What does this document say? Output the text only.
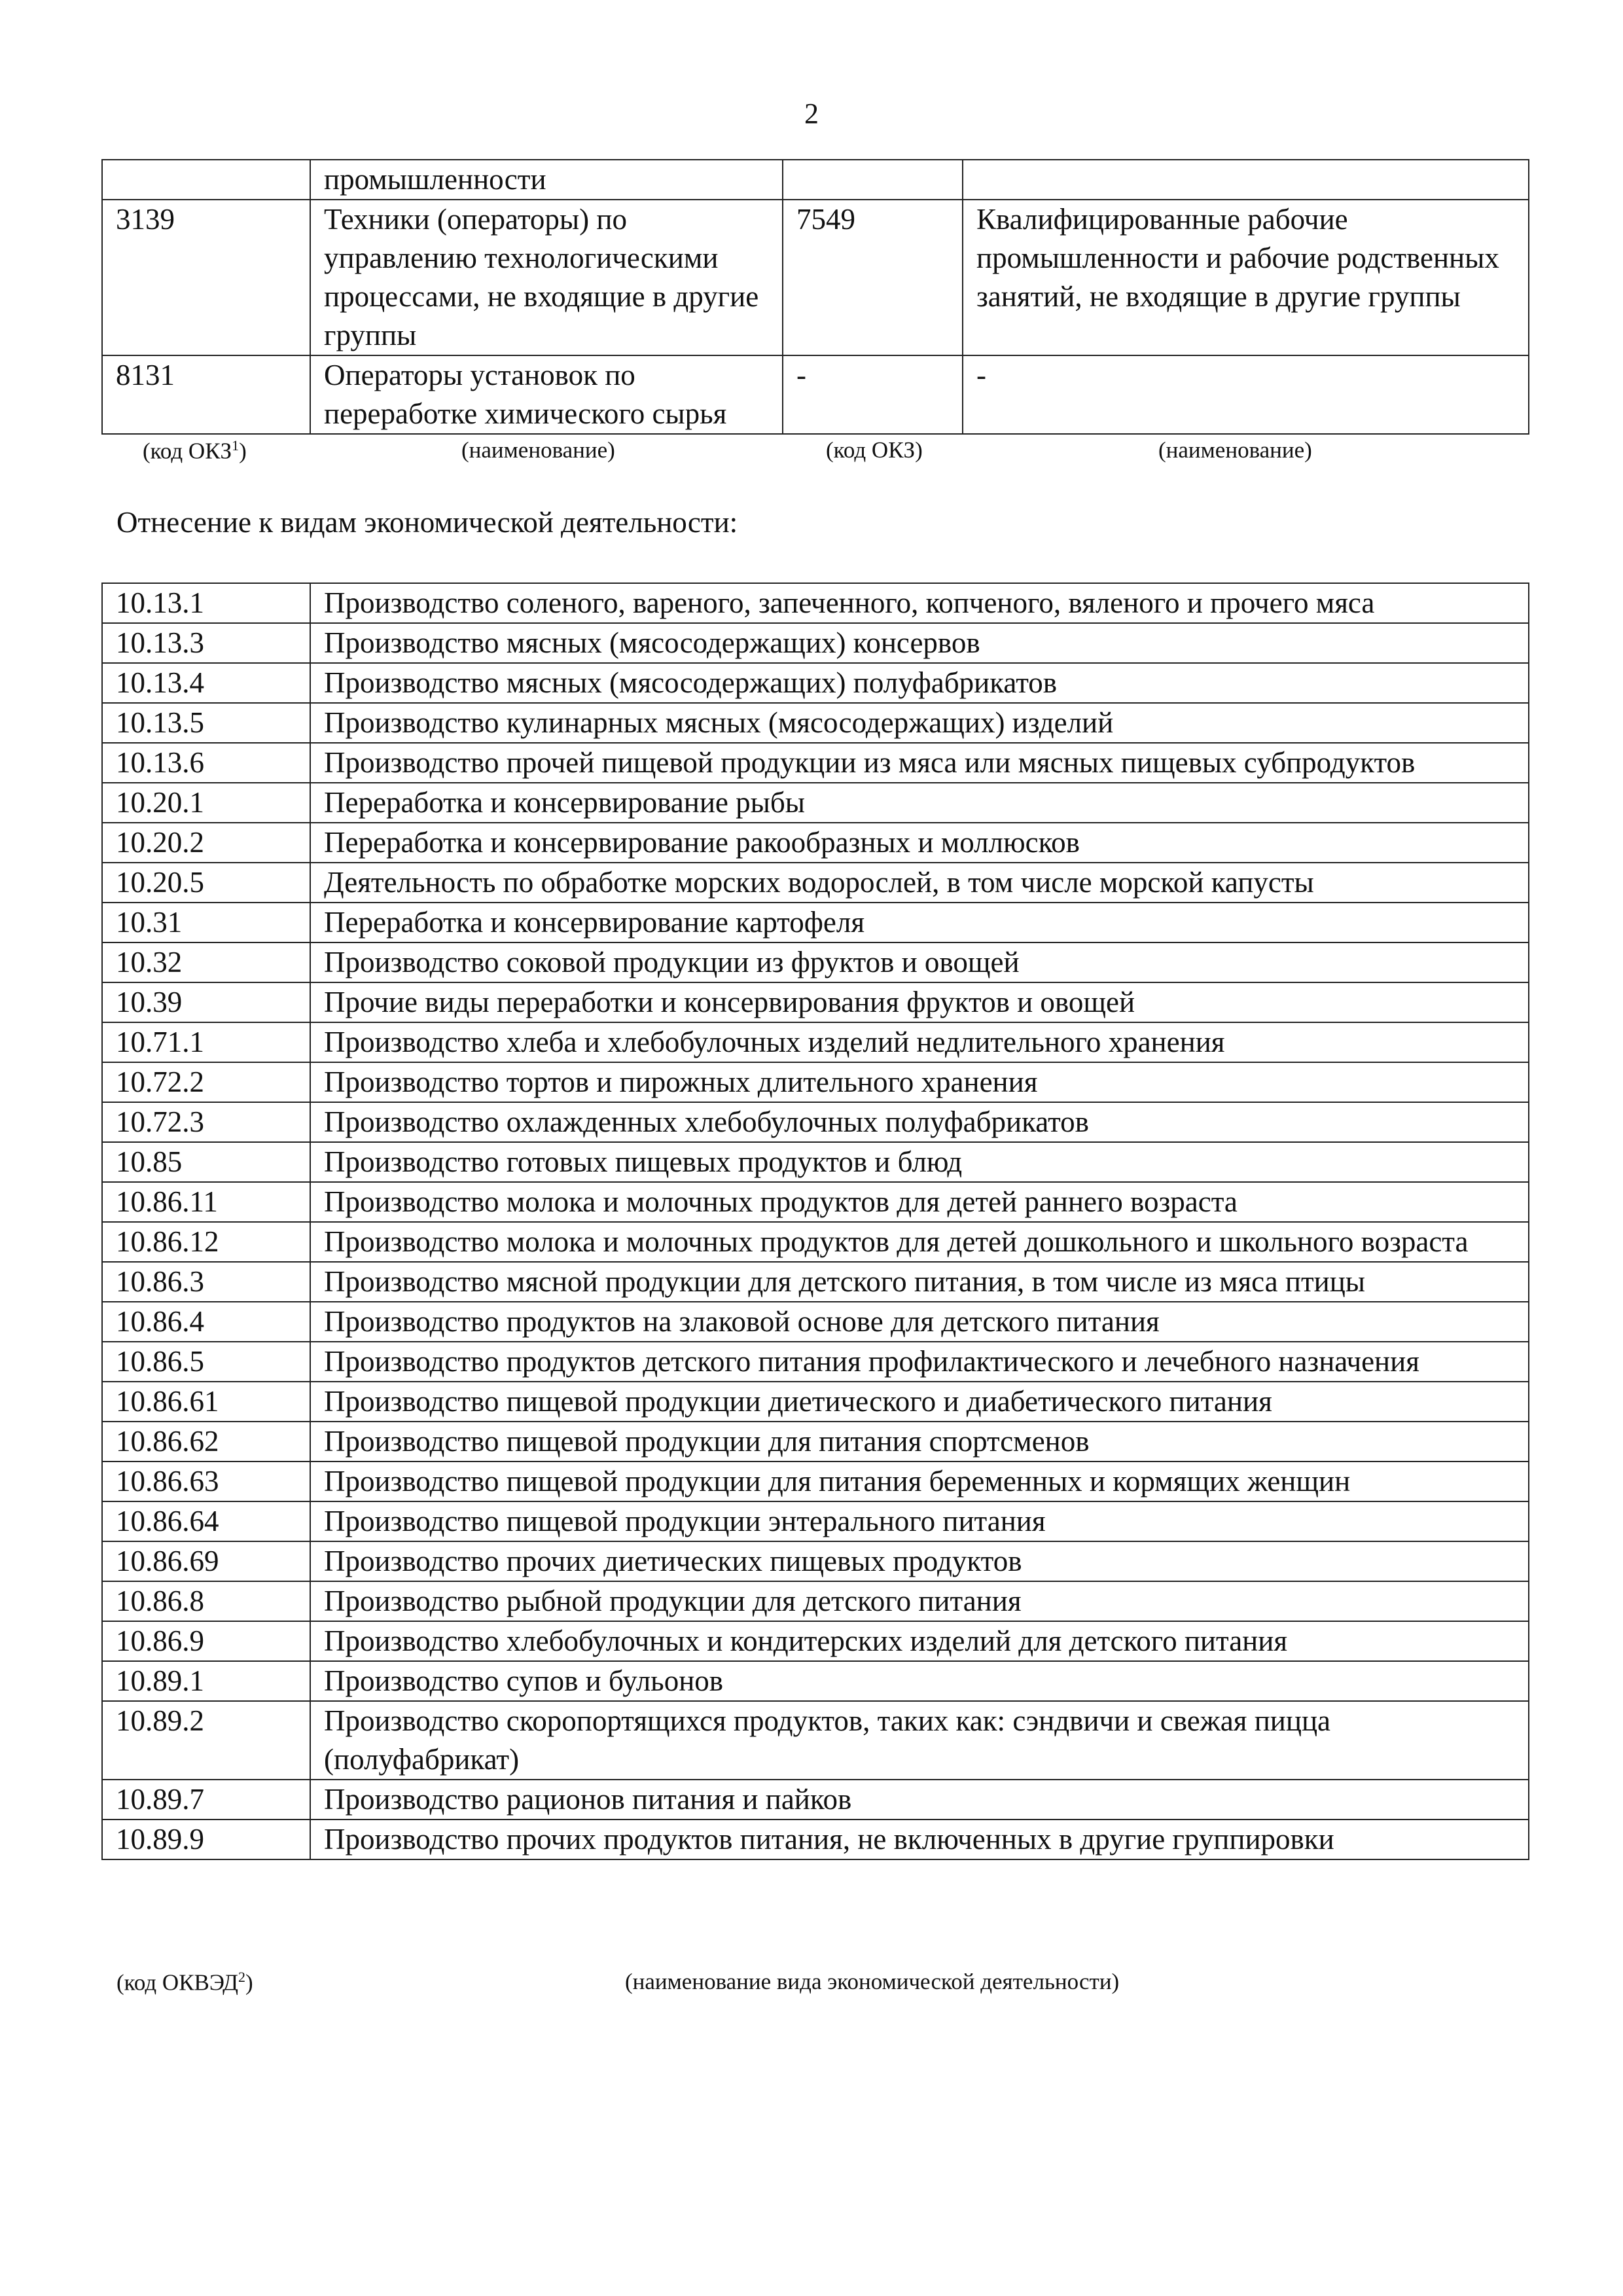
2
	промышленности		
3139	Техники (операторы) по управлению технологическими процессами, не входящие в другие группы	7549	Квалифицированные рабочие промышленности и рабочие родственных занятий, не входящие в другие группы
8131	Операторы установок по переработке химического сырья	-	-
(код ОКЗ$^1$)	(наименование)	(код ОКЗ)	(наименование)
Отнесение к видам экономической деятельности:
10.13.1	Производство соленого, вареного, запеченного, копченого, вяленого и прочего мяса
10.13.3	Производство мясных (мясосодержащих) консервов
10.13.4	Производство мясных (мясосодержащих) полуфабрикатов
10.13.5	Производство кулинарных мясных (мясосодержащих) изделий
10.13.6	Производство прочей пищевой продукции из мяса или мясных пищевых субпродуктов
10.20.1	Переработка и консервирование рыбы
10.20.2	Переработка и консервирование ракообразных и моллюсков
10.20.5	Деятельность по обработке морских водорослей, в том числе морской капусты
10.31	Переработка и консервирование картофеля
10.32	Производство соковой продукции из фруктов и овощей
10.39	Прочие виды переработки и консервирования фруктов и овощей
10.71.1	Производство хлеба и хлебобулочных изделий недлительного хранения
10.72.2	Производство тортов и пирожных длительного хранения
10.72.3	Производство охлажденных хлебобулочных полуфабрикатов
10.85	Производство готовых пищевых продуктов и блюд
10.86.11	Производство молока и молочных продуктов для детей раннего возраста
10.86.12	Производство молока и молочных продуктов для детей дошкольного и школьного возраста
10.86.3	Производство мясной продукции для детского питания, в том числе из мяса птицы
10.86.4	Производство продуктов на злаковой основе для детского питания
10.86.5	Производство продуктов детского питания профилактического и лечебного назначения
10.86.61	Производство пищевой продукции диетического и диабетического питания
10.86.62	Производство пищевой продукции для питания спортсменов
10.86.63	Производство пищевой продукции для питания беременных и кормящих женщин
10.86.64	Производство пищевой продукции энтерального питания
10.86.69	Производство прочих диетических пищевых продуктов
10.86.8	Производство рыбной продукции для детского питания
10.86.9	Производство хлебобулочных и кондитерских изделий для детского питания
10.89.1	Производство супов и бульонов
10.89.2	Производство скоропортящихся продуктов, таких как: сэндвичи и свежая пицца (полуфабрикат)
10.89.7	Производство рационов питания и пайков
10.89.9	Производство прочих продуктов питания, не включенных в другие группировки
(код ОКВЭД$^2$)	(наименование вида экономической деятельности)
